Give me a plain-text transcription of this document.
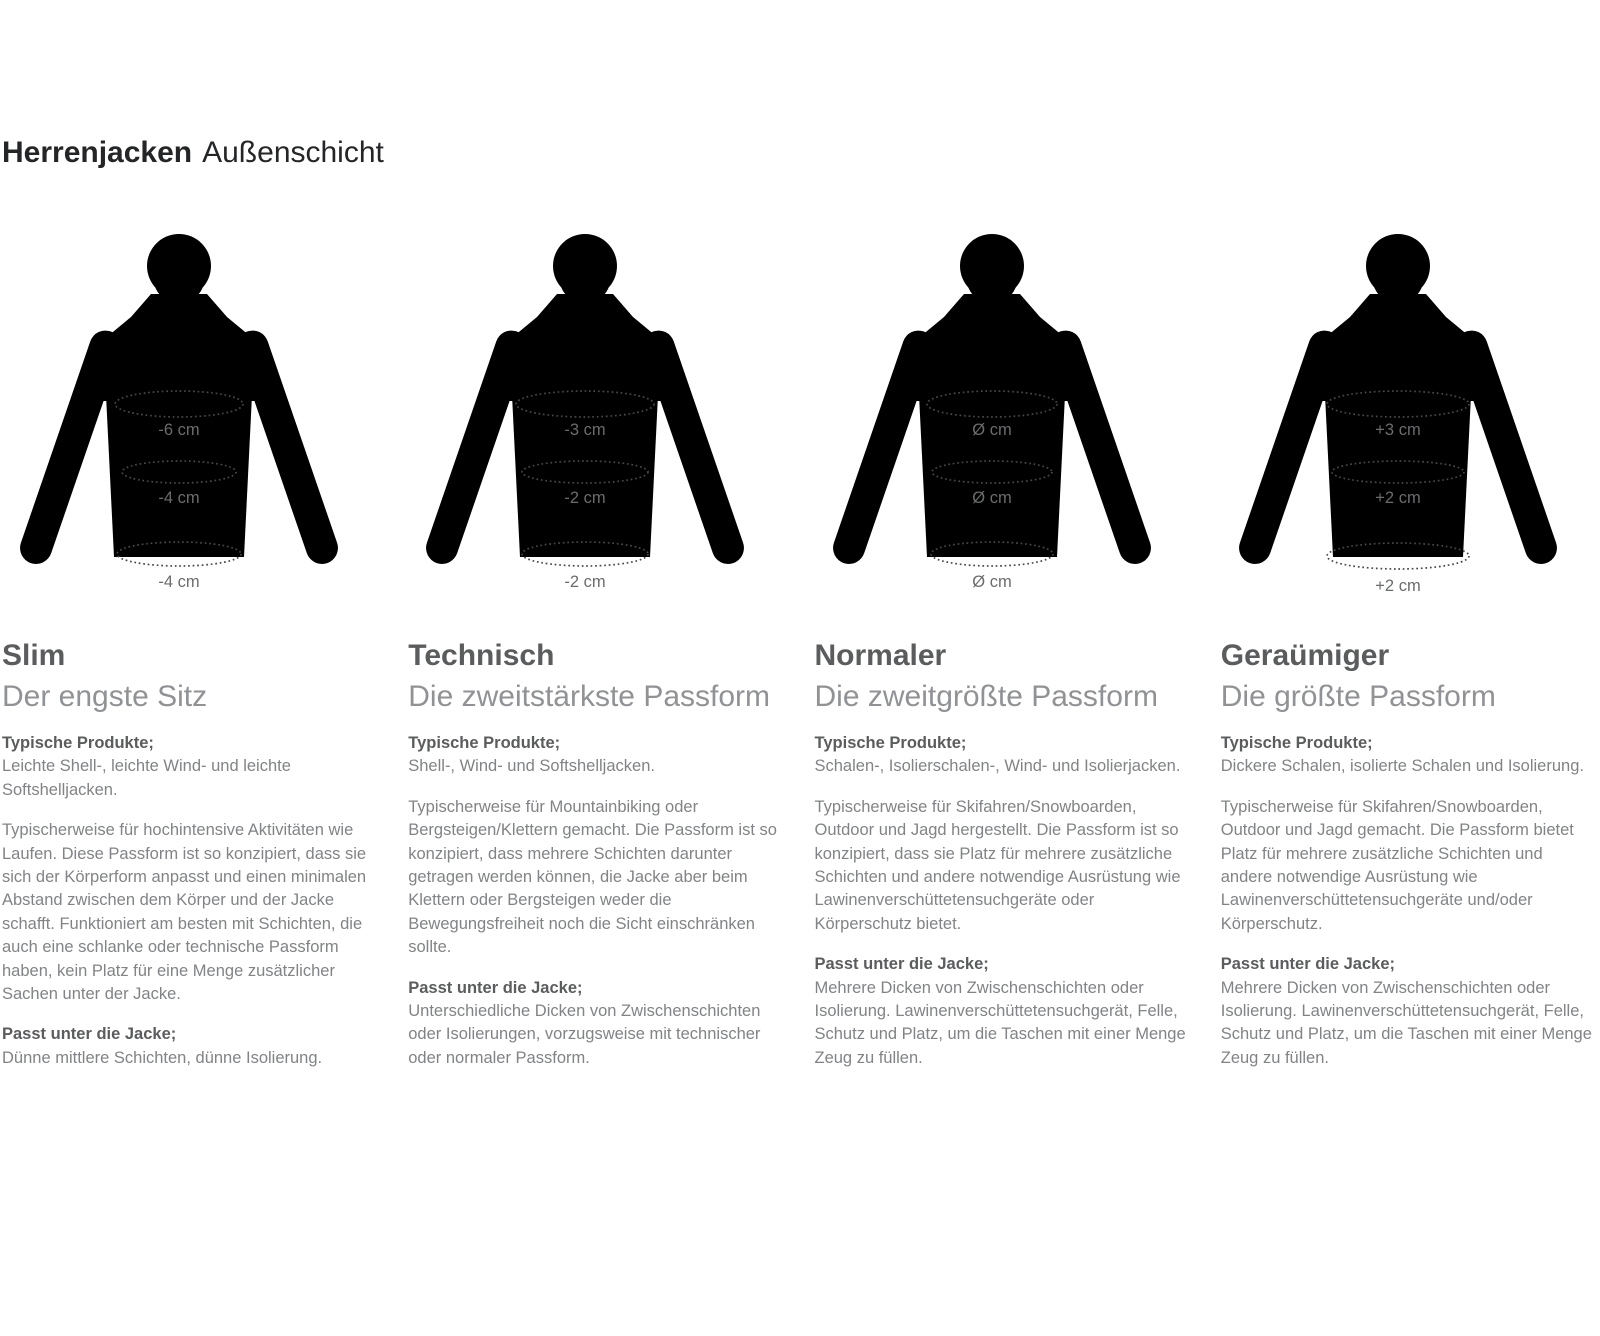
Herrenjacken Außenschicht
-6 cm
-4 cm
-4 cm
Slim
Der engste Sitz
Typische Produkte;

Leichte Shell-, leichte Wind- und leichte Softshelljacken.

Typischerweise für hochintensive Aktivitäten wie Laufen. Diese Passform ist so konzipiert, dass sie sich der Körperform anpasst und einen minimalen Abstand zwischen dem Körper und der Jacke schafft. Funktioniert am besten mit Schichten, die auch eine schlanke oder technische Passform haben, kein Platz für eine Menge zusätzlicher Sachen unter der Jacke.

Passt unter die Jacke;

Dünne mittlere Schichten, dünne Isolierung.

-3 cm
-2 cm
-2 cm
Technisch
Die zweitstärkste Passform
Typische Produkte;

Shell-, Wind- und Softshelljacken.

Typischerweise für Mountainbiking oder Bergsteigen/Klettern gemacht. Die Passform ist so konzipiert, dass mehrere Schichten darunter getragen werden können, die Jacke aber beim Klettern oder Bergsteigen weder die Bewegungsfreiheit noch die Sicht einschränken sollte.

Passt unter die Jacke;

Unterschiedliche Dicken von Zwischenschichten oder Isolierungen, vorzugsweise mit technischer oder normaler Passform.

Ø cm
Ø cm
Ø cm
Normaler
Die zweitgrößte Passform
Typische Produkte;

Schalen-, Isolierschalen-, Wind- und Isolierjacken.

Typischerweise für Skifahren/Snowboarden, Outdoor und Jagd hergestellt. Die Passform ist so konzipiert, dass sie Platz für mehrere zusätzliche Schichten und andere notwendige Ausrüstung wie Lawinenverschüttetensuchgeräte oder Körperschutz bietet.

Passt unter die Jacke;

Mehrere Dicken von Zwischenschichten oder Isolierung. Lawinenverschüttetensuchgerät, Felle, Schutz und Platz, um die Taschen mit einer Menge Zeug zu füllen.

+3 cm
+2 cm
+2 cm
Geraümiger
Die größte Passform
Typische Produkte;

Dickere Schalen, isolierte Schalen und Isolierung.

Typischerweise für Skifahren/Snowboarden, Outdoor und Jagd gemacht. Die Passform bietet Platz für mehrere zusätzliche Schichten und andere notwendige Ausrüstung wie Lawinenverschüttetensuchgeräte und/oder Körperschutz.

Passt unter die Jacke;

Mehrere Dicken von Zwischenschichten oder Isolierung. Lawinenverschüttetensuchgerät, Felle, Schutz und Platz, um die Taschen mit einer Menge Zeug zu füllen.
